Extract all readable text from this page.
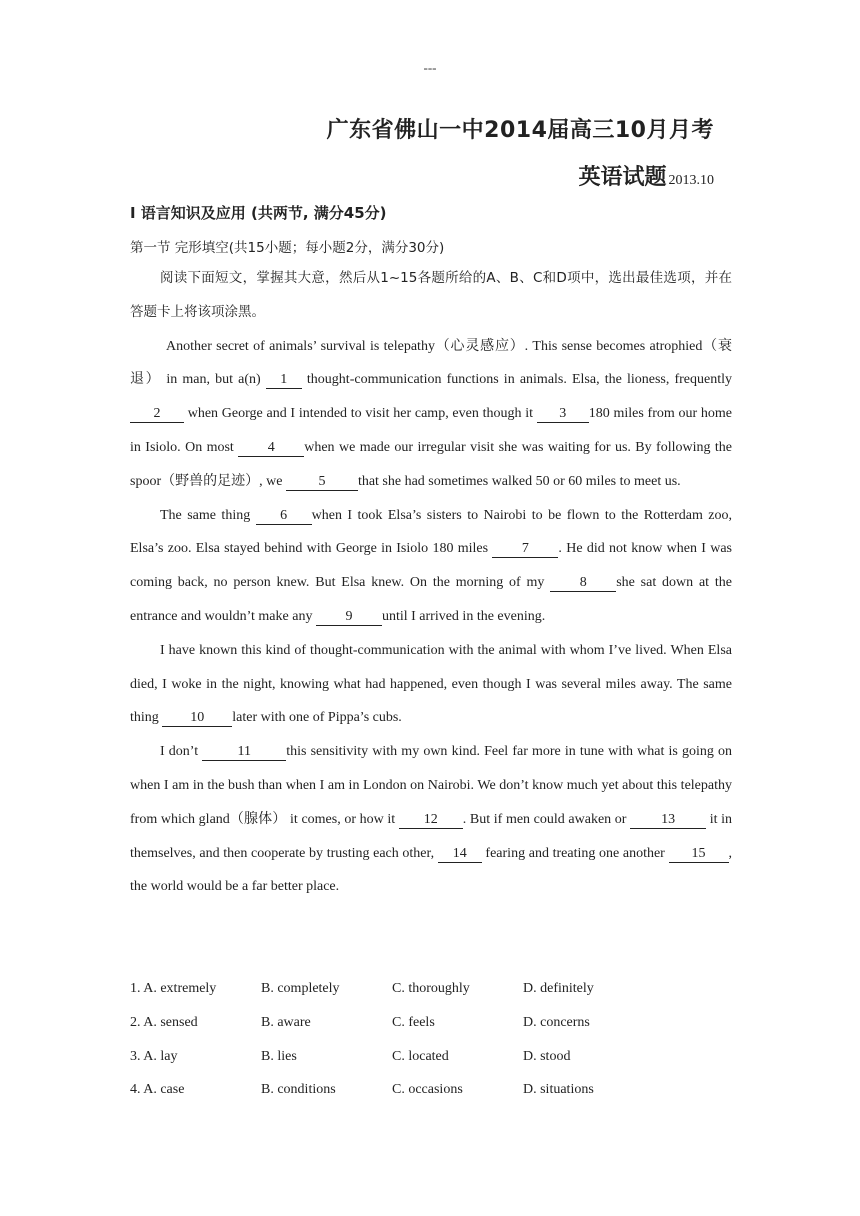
---
广东省佛山一中2014届高三10月月考
英语试题 2013.10
I 语言知识及应用 (共两节, 满分45分)
第一节 完形填空(共15小题；每小题2分，满分30分)

阅读下面短文，掌握其大意，然后从1~15各题所给的A、B、C和D项中，选出最佳选项，并在答题卡上将该项涂黑。

Another secret of animals’ survival is telepathy（心灵感应）. This sense becomes atrophied（衰退） in man, but a(n) 1 thought-communication functions in animals. Elsa, the lioness, frequently 2 when George and I intended to visit her camp, even though it 3 180 miles from our home in Isiolo. On most 4 when we made our irregular visit she was waiting for us. By following the spoor（野兽的足迹）, we 5 that she had sometimes walked 50 or 60 miles to meet us.

The same thing 6 when I took Elsa’s sisters to Nairobi to be flown to the Rotterdam zoo, Elsa’s zoo. Elsa stayed behind with George in Isiolo 180 miles 7 . He did not know when I was coming back, no person knew. But Elsa knew. On the morning of my 8 she sat down at the entrance and wouldn’t make any 9 until I arrived in the evening.

I have known this kind of thought-communication with the animal with whom I’ve lived. When Elsa died, I woke in the night, knowing what had happened, even though I was several miles away. The same thing 10 later with one of Pippa’s cubs.

I don’t	11	this sensitivity with my own kind. Feel far more in tune with what is going on when I am in the bush than when I am in London on Nairobi. We don’t know much yet about this telepathy from which gland（腺体） it comes, or how it 12 . But if men could awaken or 13 it in themselves, and then cooperate by trusting each other, 14 fearing and treating one another 15 , the world would be a far better place.

1. A. extremely	B. completely	C. thoroughly	D. definitely
2. A. sensed	B. aware	C. feels	D. concerns
3. A. lay	B. lies	C. located	D. stood
4. A. case	B. conditions	C. occasions	D. situations
